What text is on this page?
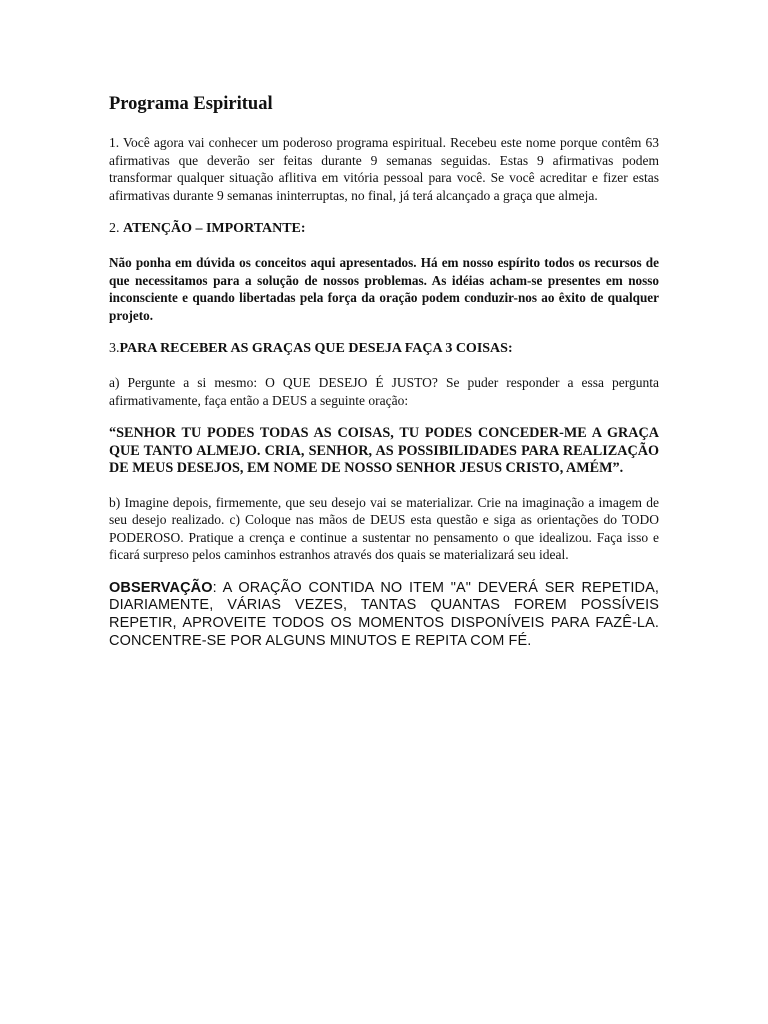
Programa Espiritual

1. Você agora vai conhecer um poderoso programa espiritual. Recebeu este nome porque contêm 63 afirmativas que deverão ser feitas durante 9 semanas seguidas. Estas 9 afirmativas podem transformar qualquer situação aflitiva em vitória pessoal para você. Se você acreditar e fizer estas afirmativas durante 9 semanas ininterruptas, no final, já terá alcançado a graça que almeja.

2. ATENÇÃO – IMPORTANTE:

Não ponha em dúvida os conceitos aqui apresentados. Há em nosso espírito todos os recursos de que necessitamos para a solução de nossos problemas. As idéias acham-se presentes em nosso inconsciente e quando libertadas pela força da oração podem conduzir-nos ao êxito de qualquer projeto.

3.PARA RECEBER AS GRAÇAS QUE DESEJA FAÇA 3 COISAS:

a) Pergunte a si mesmo: O QUE DESEJO É JUSTO? Se puder responder a essa pergunta afirmativamente, faça então a DEUS a seguinte oração:

“SENHOR TU PODES TODAS AS COISAS, TU PODES CONCEDER-ME A GRAÇA QUE TANTO ALMEJO. CRIA, SENHOR, AS POSSIBILIDADES PARA REALIZAÇÃO DE MEUS DESEJOS, EM NOME DE NOSSO SENHOR JESUS CRISTO, AMÉM”.

b) Imagine depois, firmemente, que seu desejo vai se materializar. Crie na imaginação a imagem de seu desejo realizado. c) Coloque nas mãos de DEUS esta questão e siga as orientações do TODO PODEROSO. Pratique a crença e continue a sustentar no pensamento o que idealizou. Faça isso e ficará surpreso pelos caminhos estranhos através dos quais se materializará seu ideal.

OBSERVAÇÃO: A ORAÇÃO CONTIDA NO ITEM "A" DEVERÁ SER REPETIDA, DIARIAMENTE, VÁRIAS VEZES, TANTAS QUANTAS FOREM POSSÍVEIS REPETIR, APROVEITE TODOS OS MOMENTOS DISPONÍVEIS PARA FAZÊ-LA. CONCENTRE-SE POR ALGUNS MINUTOS E REPITA COM FÉ.
